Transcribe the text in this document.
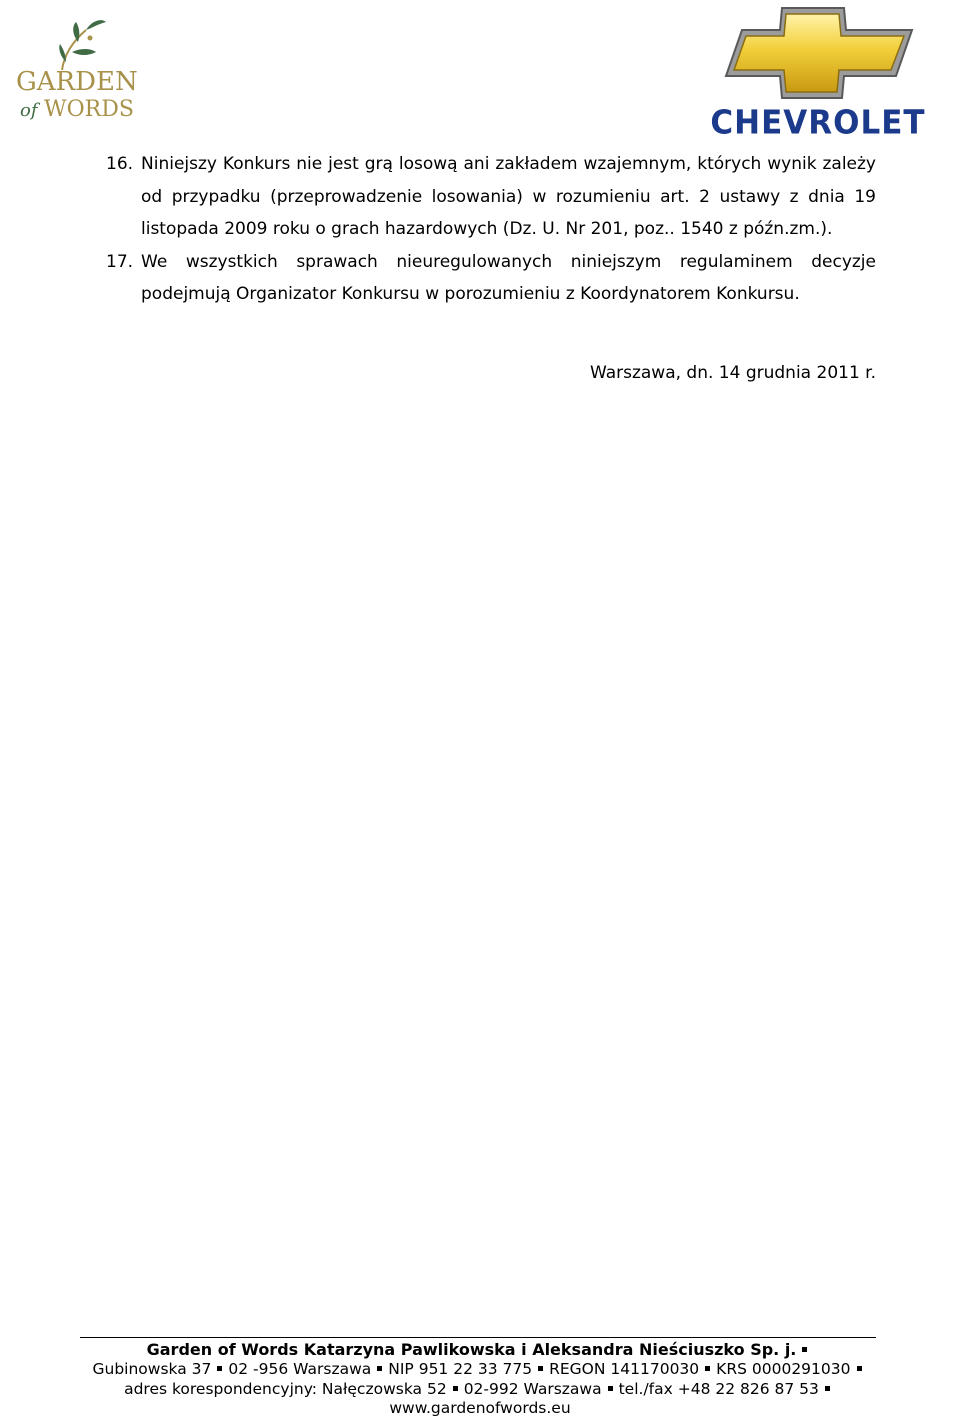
GARDEN
of WORDS	CHEVROLET
16. Niniejszy Konkurs nie jest grą losową ani zakładem wzajemnym, których wynik zależy od przypadku (przeprowadzenie losowania) w rozumieniu art. 2 ustawy z dnia 19 listopada 2009 roku o grach hazardowych (Dz. U. Nr 201, poz.. 1540 z późn.zm.).
17. We wszystkich sprawach nieuregulowanych niniejszym regulaminem decyzje podejmują Organizator Konkursu w porozumieniu z Koordynatorem Konkursu.
Warszawa, dn. 14 grudnia 2011 r.
Garden of Words Katarzyna Pawlikowska i Aleksandra Nieściuszko Sp. j.
Gubinowska 37 02 -956 Warszawa NIP 951 22 33 775 REGON 141170030 KRS 0000291030
adres korespondencyjny: Nałęczowska 52 02-992 Warszawa tel./fax +48 22 826 87 53
www.gardenofwords.eu
